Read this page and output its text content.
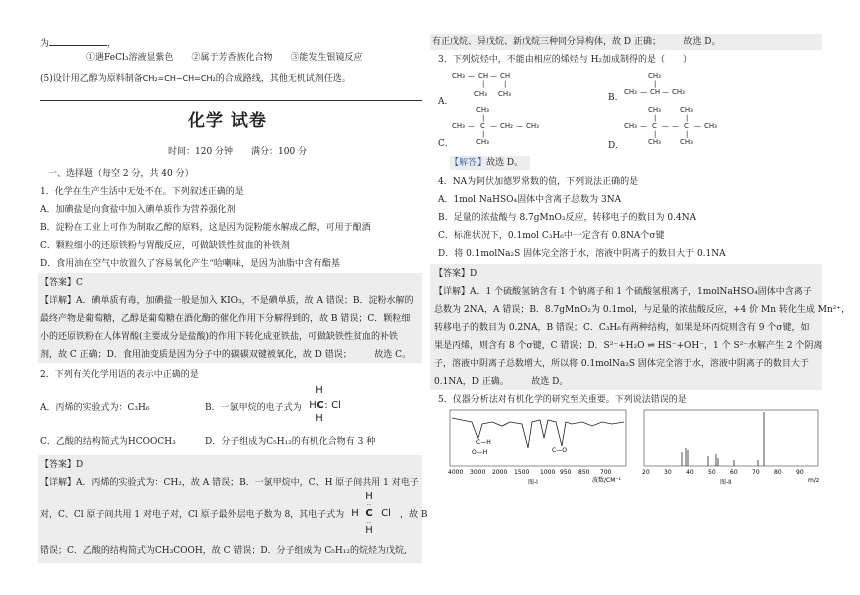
为	，
①遇FeCl₃溶液显紫色　　②属于芳香族化合物　　③能发生银镜反应
(5)设计用乙醇为原料制备CH₂=CH−CH=CH₂的合成路线，其他无机试剂任选。
化学 试卷
时间：120 分钟　　满分：100 分
一、选择题（每空 2 分，共 40 分）
1．化学在生产生活中无处不在。下列叙述正确的是
A．加碘盐是向食盐中加入碘单质作为营养强化剂
B．淀粉在工业上可作为制取乙醇的原料，这是因为淀粉能水解成乙醇，可用于酿酒
C．颗粒细小的还原铁粉与胃酸反应，可做缺铁性贫血的补铁剂
D．食用油在空气中放置久了容易氧化产生“哈喇味，是因为油脂中含有酯基
【答案】C
【详解】A．碘单质有毒，加碘盐一般是加入 KIO₃，不是碘单质，故 A 错误；B．淀粉水解的
最终产物是葡萄糖，乙醇是葡萄糖在酒化酶的催化作用下分解得到的，故 B 错误；C．颗粒细
小的还原铁粉在人体胃酸(主要成分是盐酸)的作用下转化成亚铁盐，可做缺铁性贫血的补铁
剂，故 C 正确；D．食用油变质是因为分子中的碳碳双键被氧化，故 D 错误；　　　故选 C。
2．下列有关化学用语的表示中正确的是
A．丙烯的实验式为：C₃H₆	B．一氯甲烷的电子式为
H
H C : Cl
H
C．乙酸的结构简式为HCOOCH₃	D．分子组成为C₅H₁₂的有机化合物有 3 种
【答案】D
【详解】A．丙烯的实验式为：CH₂，故 A 错误；B．一氯甲烷中，C、H 原子间共用 1 对电子
对，C、Cl 原子间共用 1 对电子对，Cl 原子最外层电子数为 8，其电子式为
H
··
H C Cl
··
H
，故 B
错误；C．乙酸的结构简式为CH₃COOH，故 C 错误；D．分子组成为 C₅H₁₂的烷烃为戊烷,
有正戊烷、异戊烷、新戊烷三种同分异构体，故 D 正确；　　　故选 D。
3．下列烷烃中，不能由相应的烯烃与 H₂加成制得的是（　　）
A．
CH₃ — CH — CH
|	|
CH₃ CH₃	B．
CH₃
|
CH₃ — CH — CH₃
C．
CH₃
|
CH₃ — C — CH₂ — CH₃
|
CH₃	D．
CH₃	CH₃
|	|
CH₃ — C — — C — CH₃
|	|
CH₃	CH₃
【解答】故选 D。
4．NA为阿伏加德罗常数的值，下列说法正确的是
A．1mol NaHSO₄固体中含离子总数为 3NA
B．足量的浓盐酸与 8.7gMnO₂反应，转移电子的数目为 0.4NA
C．标准状况下，0.1mol C₃H₆中一定含有 0.8NA个σ键
D．将 0.1molNa₂S 固体完全溶于水，溶液中阴离子的数目大于 0.1NA
【答案】D
【详解】A．1 个硫酸氢钠含有 1 个钠离子和 1 个硫酸氢根离子，1molNaHSO₄固体中含离子
总数为 2NA，A 错误；B．8.7gMnO₂为 0.1mol，与足量的浓盐酸反应，+4 价 Mn 转化生成 Mn²⁺，
转移电子的数目为 0.2NA，B 错误；C．C₃H₆有两种结构，如果是环丙烷则含有 9 个σ键，如
果是丙烯，则含有 8 个σ键，C 错误；D．S²⁻+H₂O ⇌ HS⁻+OH⁻，1 个 S²⁻水解产生 2 个阴离
子，溶液中阴离子总数增大，所以将 0.1molNa₂S 固体完全溶于水，溶液中阴离子的数目大于
0.1NA，D 正确。　　　故选 D。
5．仪器分析法对有机化学的研究至关重要。下列说法错误的是
C—H
O—H	C—O
4000 3000 2000 1500 1000 950 850 700
波数/CM⁻¹
图-I
20 30 40 50 60 70 80 90
m/z
图-II
